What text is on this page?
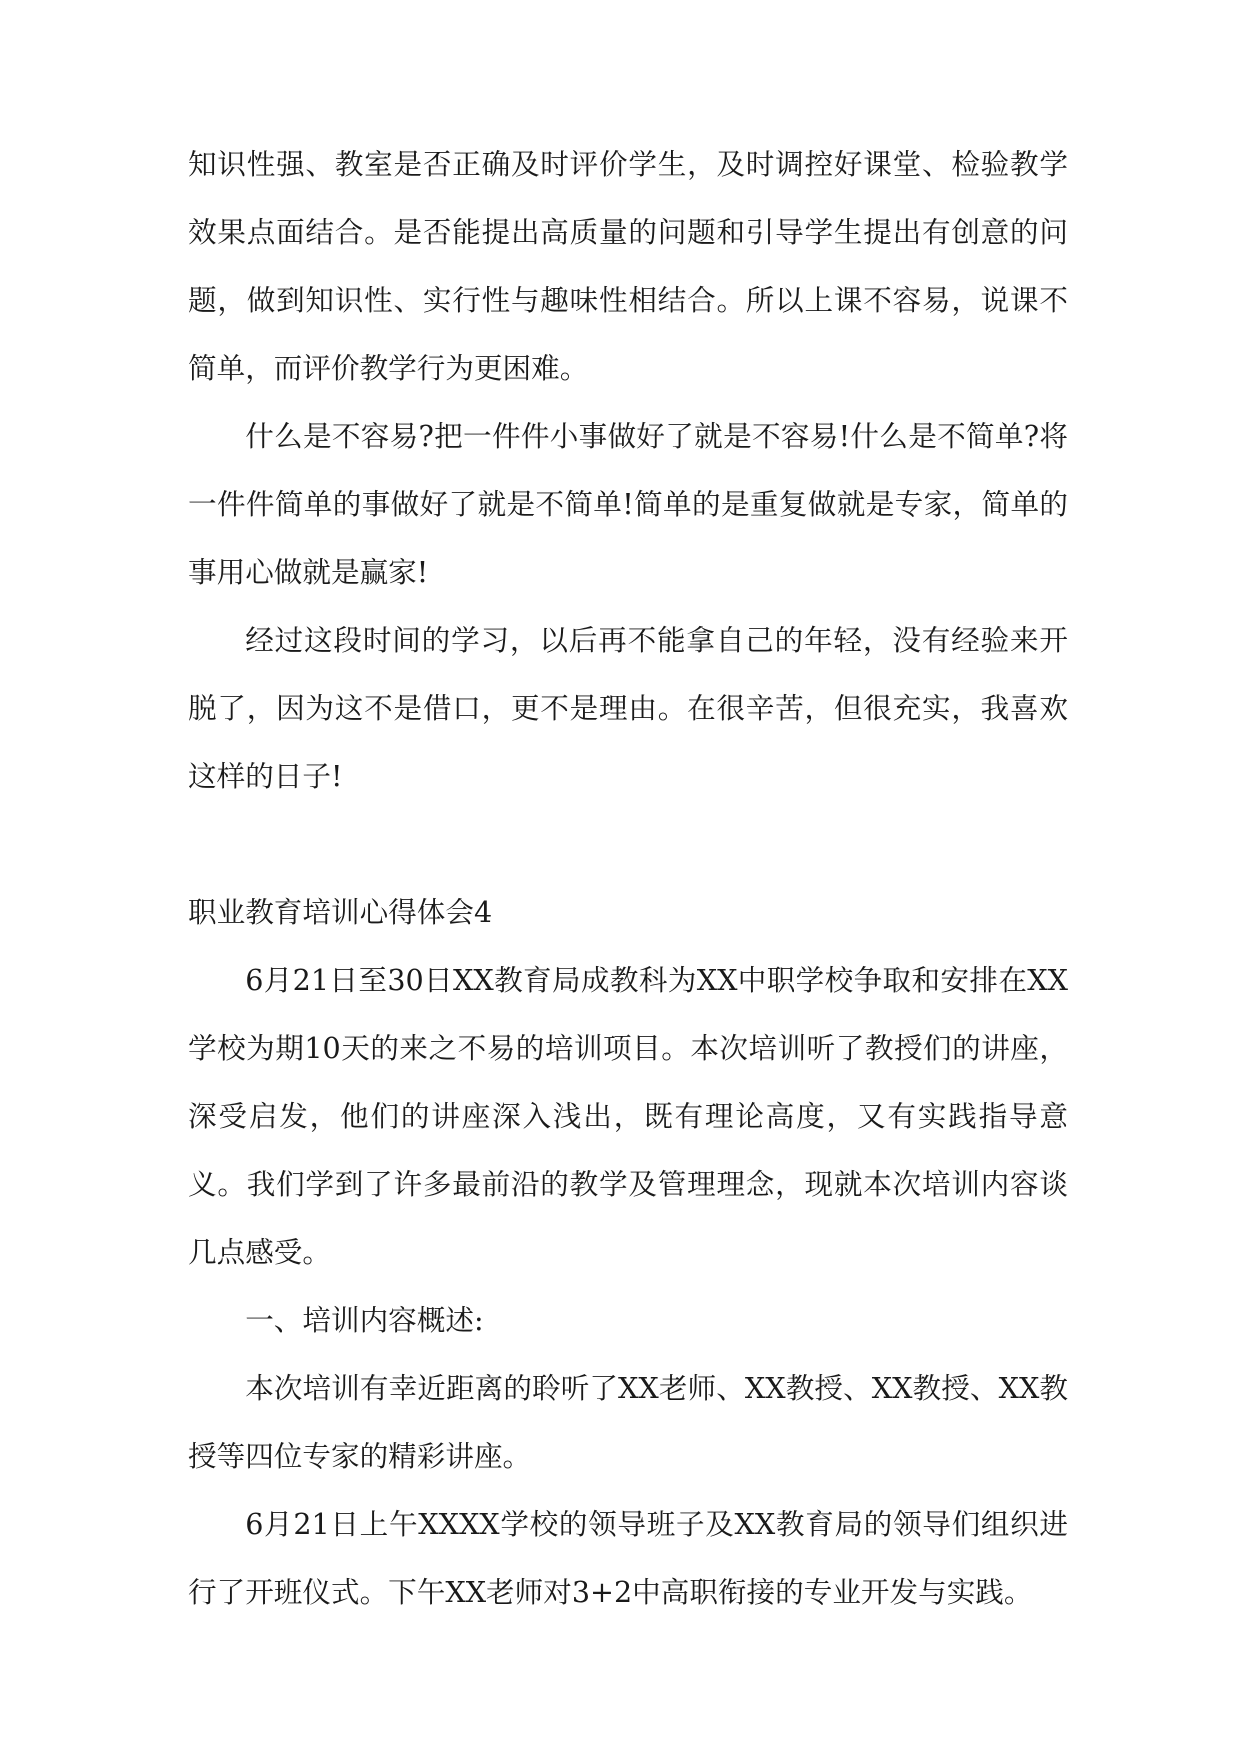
知识性强、教室是否正确及时评价学生，及时调控好课堂、检验教学效果点面结合。是否能提出高质量的问题和引导学生提出有创意的问题，做到知识性、实行性与趣味性相结合。所以上课不容易，说课不简单，而评价教学行为更困难。

什么是不容易?把一件件小事做好了就是不容易!什么是不简单?将一件件简单的事做好了就是不简单!简单的是重复做就是专家，简单的事用心做就是赢家!

经过这段时间的学习，以后再不能拿自己的年轻，没有经验来开脱了，因为这不是借口，更不是理由。在很辛苦，但很充实，我喜欢这样的日子!

职业教育培训心得体会4

6月21日至30日XX教育局成教科为XX中职学校争取和安排在XX学校为期10天的来之不易的培训项目。本次培训听了教授们的讲座，深受启发，他们的讲座深入浅出，既有理论高度，又有实践指导意义。我们学到了许多最前沿的教学及管理理念，现就本次培训内容谈几点感受。

一、培训内容概述:

本次培训有幸近距离的聆听了XX老师、XX教授、XX教授、XX教授等四位专家的精彩讲座。

6月21日上午XXXX学校的领导班子及XX教育局的领导们组织进行了开班仪式。下午XX老师对3+2中高职衔接的专业开发与实践。
